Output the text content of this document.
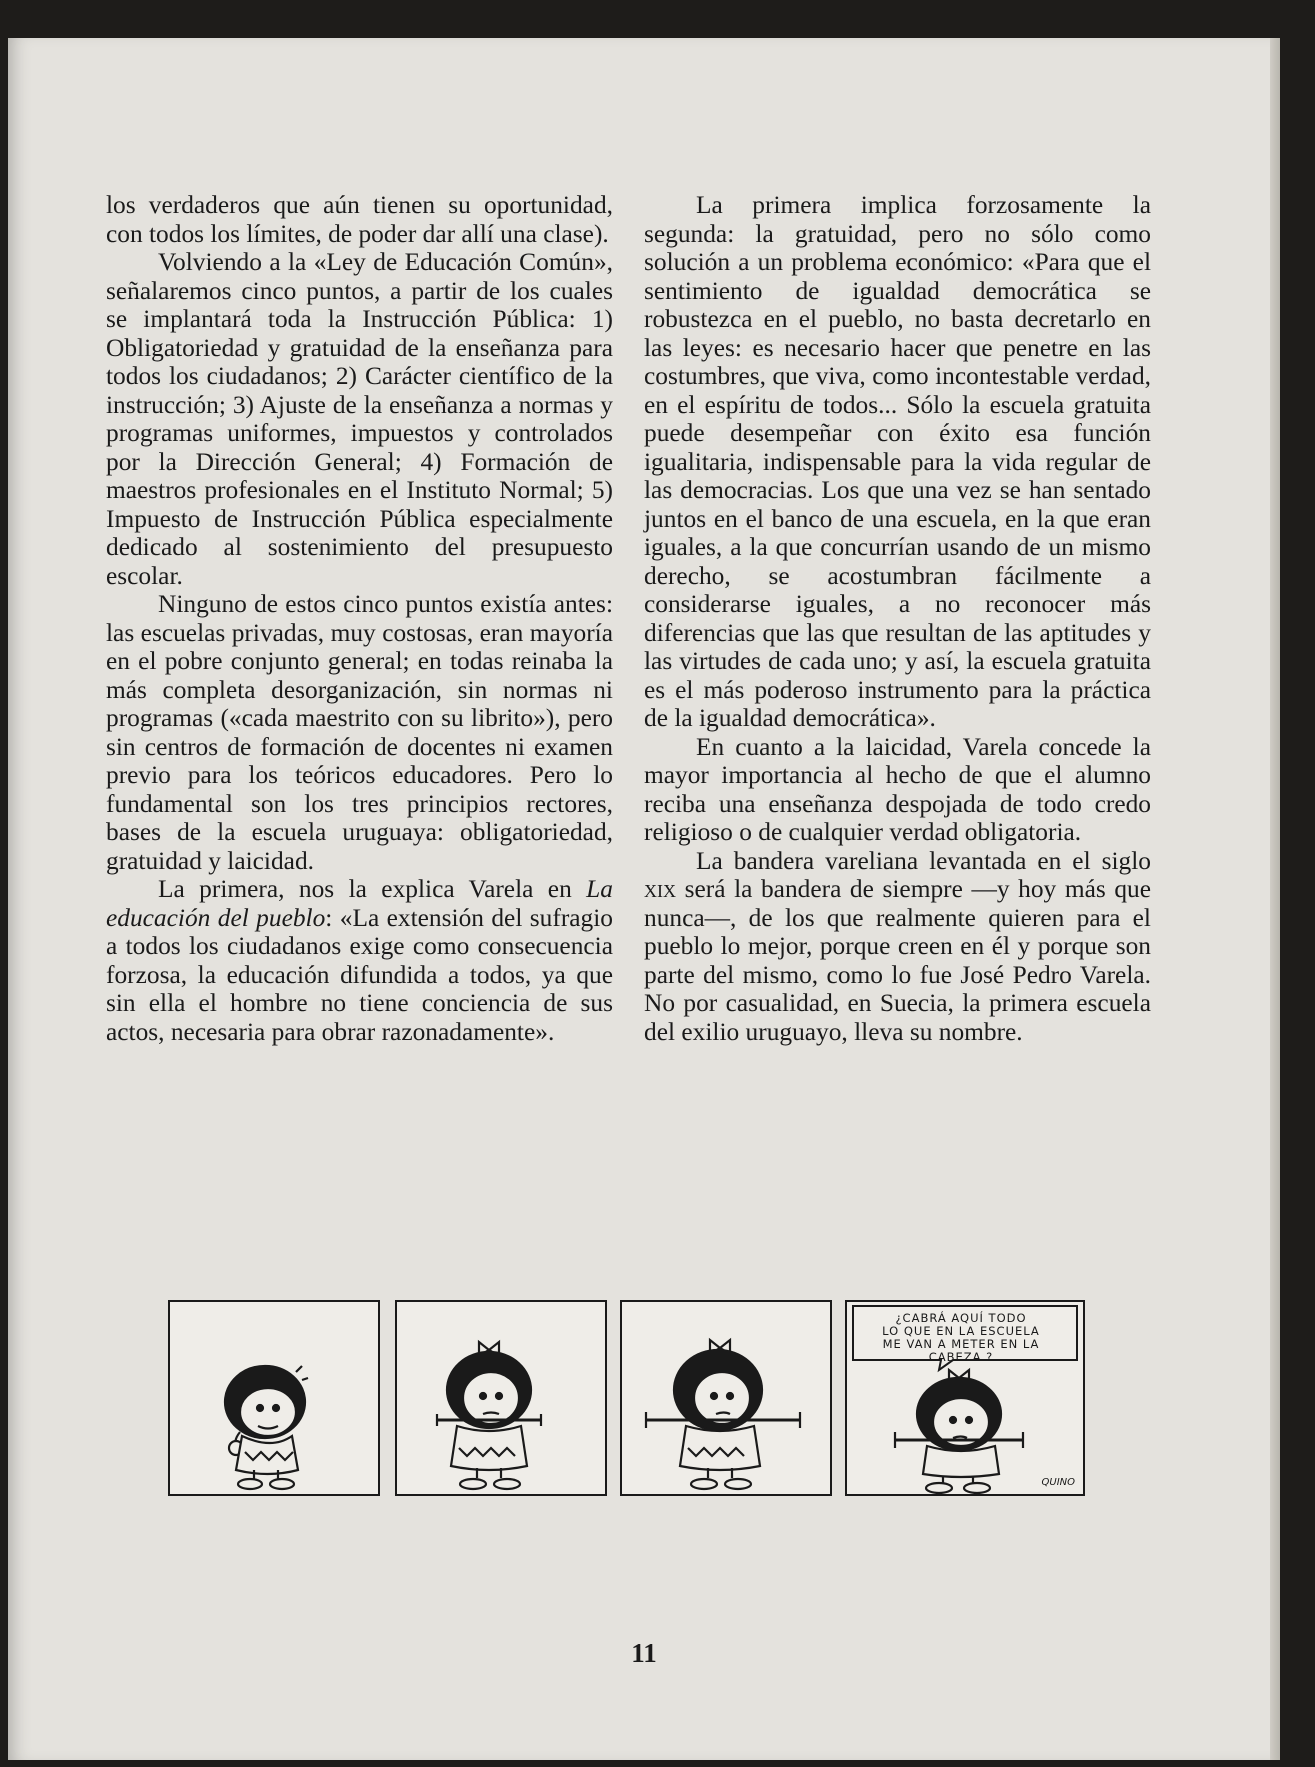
los verdaderos que aún tienen su oportunidad, con todos los límites, de poder dar allí una clase).

Volviendo a la «Ley de Educación Común», señalaremos cinco puntos, a partir de los cuales se implantará toda la Instrucción Pública: 1) Obligatoriedad y gratuidad de la enseñanza para todos los ciudadanos; 2) Carácter científico de la instrucción; 3) Ajuste de la enseñanza a normas y programas uniformes, impuestos y controlados por la Dirección General; 4) Formación de maestros profesionales en el Instituto Normal; 5) Impuesto de Instrucción Pública especialmente dedicado al sostenimiento del presupuesto escolar.

Ninguno de estos cinco puntos existía antes: las escuelas privadas, muy costosas, eran mayoría en el pobre conjunto general; en todas reinaba la más completa desorganización, sin normas ni programas («cada maestrito con su librito»), pero sin centros de formación de docentes ni examen previo para los teóricos educadores. Pero lo fundamental son los tres principios rectores, bases de la escuela uruguaya: obligatoriedad, gratuidad y laicidad.

La primera, nos la explica Varela en La educación del pueblo: «La extensión del sufragio a todos los ciudadanos exige como consecuencia forzosa, la educación difundida a todos, ya que sin ella el hombre no tiene conciencia de sus actos, necesaria para obrar razonadamente».

La primera implica forzosamente la segunda: la gratuidad, pero no sólo como solución a un problema económico: «Para que el sentimiento de igualdad democrática se robustezca en el pueblo, no basta decretarlo en las leyes: es necesario hacer que penetre en las costumbres, que viva, como incontestable verdad, en el espíritu de todos... Sólo la escuela gratuita puede desempeñar con éxito esa función igualitaria, indispensable para la vida regular de las democracias. Los que una vez se han sentado juntos en el banco de una escuela, en la que eran iguales, a la que concurrían usando de un mismo derecho, se acostumbran fácilmente a considerarse iguales, a no reconocer más diferencias que las que resultan de las aptitudes y las virtudes de cada uno; y así, la escuela gratuita es el más poderoso instrumento para la práctica de la igualdad democrática».

En cuanto a la laicidad, Varela concede la mayor importancia al hecho de que el alumno reciba una enseñanza despojada de todo credo religioso o de cualquier verdad obligatoria.

La bandera vareliana levantada en el siglo xix será la bandera de siempre —y hoy más que nunca—, de los que realmente quieren para el pueblo lo mejor, porque creen en él y porque son parte del mismo, como lo fue José Pedro Varela. No por casualidad, en Suecia, la primera escuela del exilio uruguayo, lleva su nombre.

¿CABRÁ AQUÍ TODO
LO QUE EN LA ESCUELA
ME VAN A METER EN LA
CABEZA ?
QUINO
11
